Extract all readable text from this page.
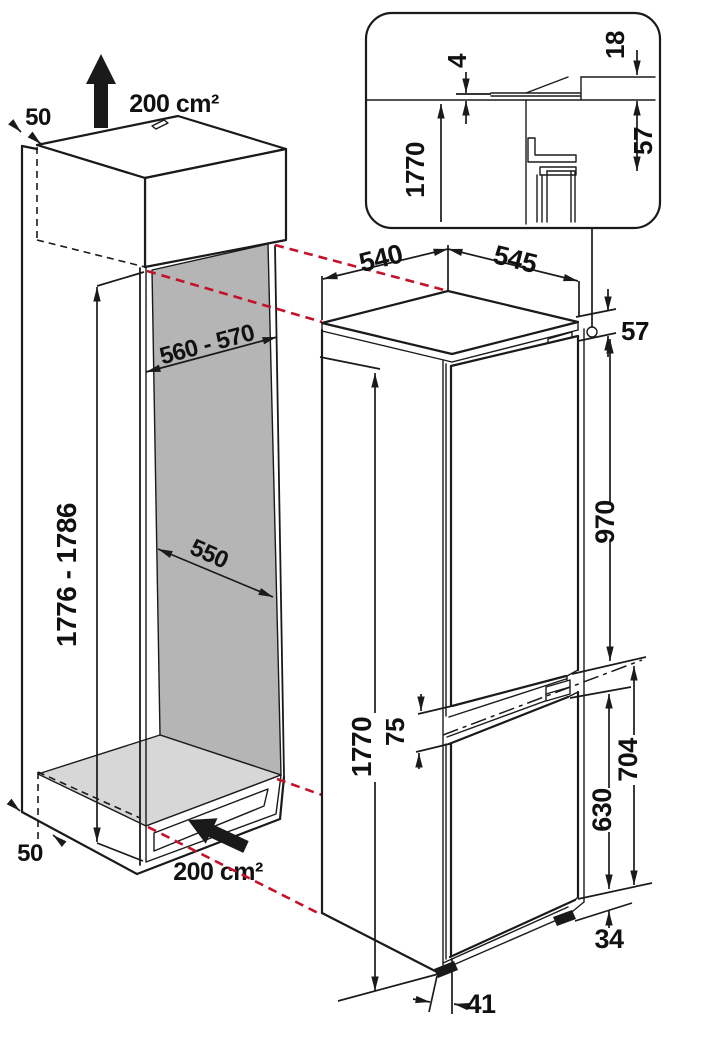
50	200 cm²
560 - 570
550
1776 - 1786
50
200 cm²
540	545
57
970
75
1770
630
704
34
41
4
18
1770
57
